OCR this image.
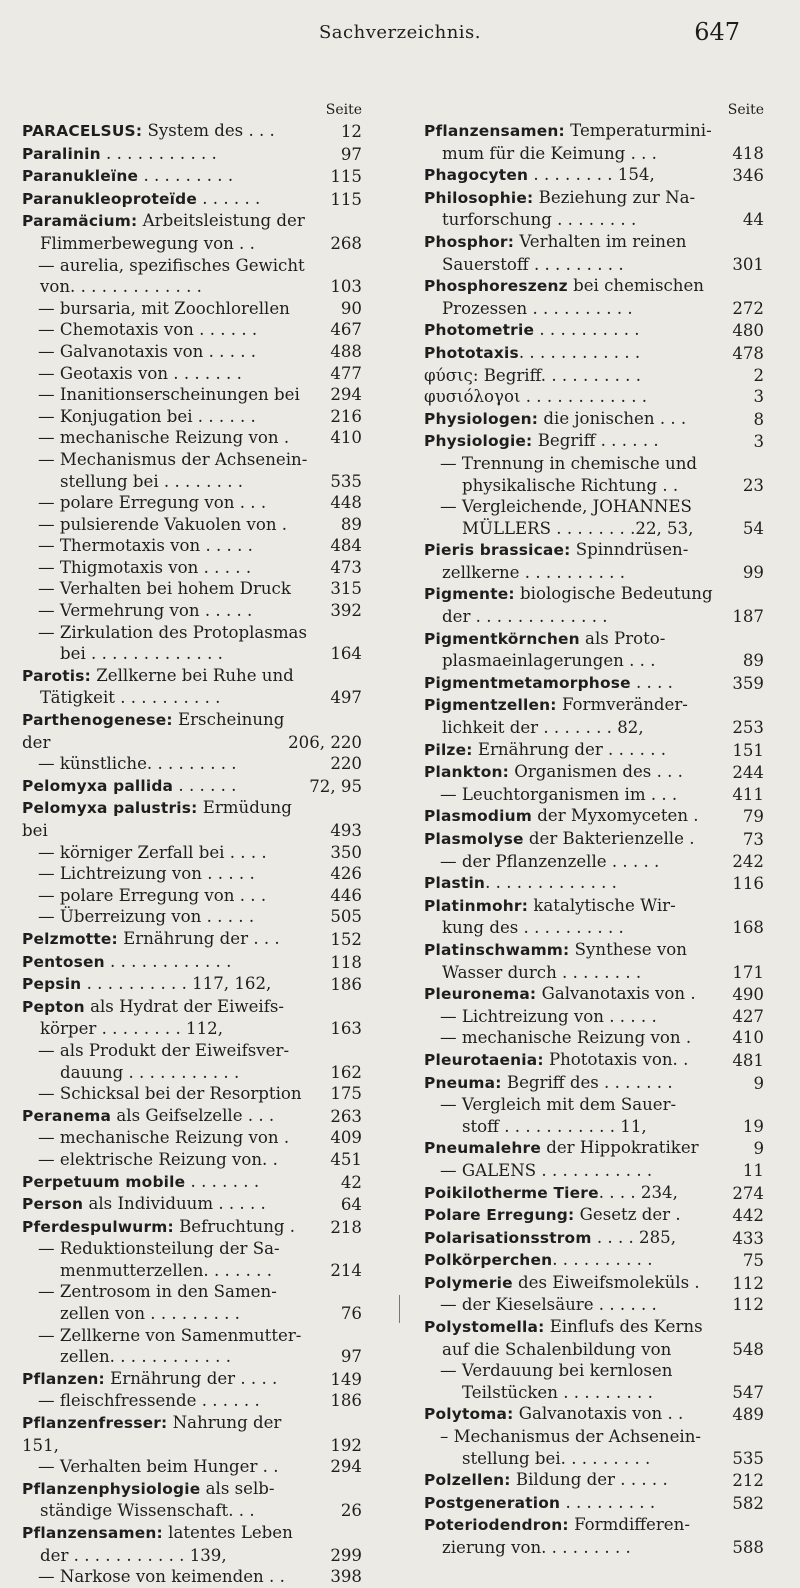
Sachverzeichnis.	647
Seite
PARACELSUS: System des . . .	12
Paralinin . . . . . . . . . . .	97
Paranukleïne . . . . . . . . .	115
Paranukleoproteïde . . . . . .	115
Paramäcium: Arbeitsleistung der
Flimmerbewegung von . .	268
— aurelia, spezifisches Gewicht
von. . . . . . . . . . . . .	103
— bursaria, mit Zoochlorellen	90
— Chemotaxis von . . . . . .	467
— Galvanotaxis von . . . . .	488
— Geotaxis von . . . . . . .	477
— Inanitionserscheinungen bei 294
— Konjugation bei . . . . . .	216
— mechanische Reizung von . 410
— Mechanismus der Achsenein-
stellung bei . . . . . . . .	535
— polare Erregung von . . .	448
— pulsierende Vakuolen von .	89
— Thermotaxis von . . . . .	484
— Thigmotaxis von . . . . .	473
— Verhalten bei hohem Druck 315
— Vermehrung von . . . . .	392
— Zirkulation des Protoplasmas
bei . . . . . . . . . . . . .	164
Parotis: Zellkerne bei Ruhe und
Tätigkeit . . . . . . . . . .	497
Parthenogenese: Erscheinung der	206, 220
— künstliche. . . . . . . . .	220
Pelomyxa pallida . . . . . .	72, 95
Pelomyxa palustris: Ermüdung bei	493
— körniger Zerfall bei . . . .	350
— Lichtreizung von . . . . .	426
— polare Erregung von . . .	446
— Überreizung von . . . . .	505
Pelzmotte: Ernährung der . . .	152
Pentosen . . . . . . . . . . . .	118
Pepsin . . . . . . . . . . 117, 162,	186
Pepton als Hydrat der Eiweifs-
körper . . . . . . . . 112,	163
— als Produkt der Eiweifsver-
dauung . . . . . . . . . . .	162
— Schicksal bei der Resorption 175
Peranema als Geifselzelle . . .	263
— mechanische Reizung von . 409
— elektrische Reizung von. .	451
Perpetuum mobile . . . . . . .	42
Person als Individuum . . . . .	64
Pferdespulwurm: Befruchtung . 218
— Reduktionsteilung der Sa-
menmutterzellen. . . . . . .	214
— Zentrosom in den Samen-
zellen von . . . . . . . . .	76
— Zellkerne von Samenmutter-
zellen. . . . . . . . . . . .	97
Pflanzen: Ernährung der . . . .	149
— fleischfressende . . . . . .	186
Pflanzenfresser: Nahrung der 151,	192
— Verhalten beim Hunger . .	294
Pflanzenphysiologie als selb-
ständige Wissenschaft. . .	26
Pflanzensamen: latentes Leben
der . . . . . . . . . . . 139,	299
— Narkose von keimenden . .	398
Seite
Pflanzensamen: Temperaturmini-
mum für die Keimung . . .	418
Phagocyten . . . . . . . . 154,	346
Philosophie: Beziehung zur Na-
turforschung . . . . . . . .	44
Phosphor: Verhalten im reinen
Sauerstoff . . . . . . . . .	301
Phosphoreszenz bei chemischen
Prozessen . . . . . . . . . .	272
Photometrie . . . . . . . . . .	480
Phototaxis. . . . . . . . . . . .	478
φύσις: Begriff. . . . . . . . . .	2
φυσιόλογοι . . . . . . . . . . . .	3
Physiologen: die jonischen . . .	8
Physiologie: Begriff . . . . . .	3
— Trennung in chemische und
physikalische Richtung . .	23
— Vergleichende, JOHANNES
MÜLLERS . . . . . . . .22, 53,	54
Pieris brassicae: Spinndrüsen-
zellkerne . . . . . . . . . .	99
Pigmente: biologische Bedeutung
der . . . . . . . . . . . . .	187
Pigmentkörnchen als Proto-
plasmaeinlagerungen . . .	89
Pigmentmetamorphose . . . .	359
Pigmentzellen: Formveränder-
lichkeit der . . . . . . . 82,	253
Pilze: Ernährung der . . . . . .	151
Plankton: Organismen des . . .	244
— Leuchtorganismen im . . .	411
Plasmodium der Myxomyceten .	79
Plasmolyse der Bakterienzelle .	73
— der Pflanzenzelle . . . . .	242
Plastin. . . . . . . . . . . . .	116
Platinmohr: katalytische Wir-
kung des . . . . . . . . . .	168
Platinschwamm: Synthese von
Wasser durch . . . . . . . .	171
Pleuronema: Galvanotaxis von . 490
— Lichtreizung von . . . . .	427
— mechanische Reizung von . 410
Pleurotaenia: Phototaxis von. .	481
Pneuma: Begriff des . . . . . . .	9
— Vergleich mit dem Sauer-
stoff . . . . . . . . . . . 11,	19
Pneumalehre der Hippokratiker	9
— GALENS . . . . . . . . . . .	11
Poikilotherme Tiere. . . . 234,	274
Polare Erregung: Gesetz der .	442
Polarisationsstrom . . . . 285,	433
Polkörperchen. . . . . . . . . .	75
Polymerie des Eiweifsmoleküls . 112
— der Kieselsäure . . . . . .	112
Polystomella: Einflufs des Kerns
auf die Schalenbildung von	548
— Verdauung bei kernlosen
Teilstücken . . . . . . . . .	547
Polytoma: Galvanotaxis von . .	489
– Mechanismus der Achsenein-
stellung bei. . . . . . . . .	535
Polzellen: Bildung der . . . . .	212
Postgeneration . . . . . . . . .	582
Poteriodendron: Formdifferen-
zierung von. . . . . . . . .	588
